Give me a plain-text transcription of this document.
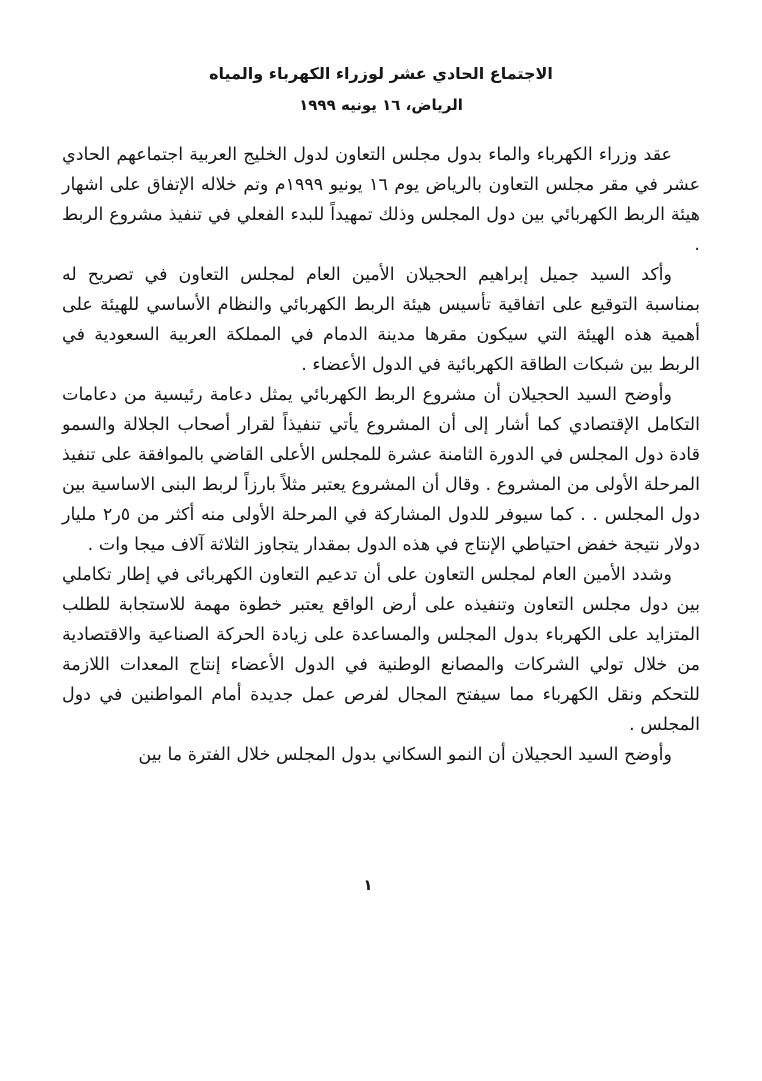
الاجتماع الحادي عشر لوزراء الكهرباء والمياه
الرياض، ١٦ يونيه ١٩٩٩

عقد وزراء الكهرباء والماء بدول مجلس التعاون لدول الخليج العربية اجتماعهم الحادي عشر في مقر مجلس التعاون بالرياض يوم ١٦ يونيو ١٩٩٩م وتم خلاله الإتفاق على اشهار هيئة الربط الكهربائي بين دول المجلس وذلك تمهيداً للبدء الفعلي في تنفيذ مشروع الربط .

وأكد السيد جميل إبراهيم الحجيلان الأمين العام لمجلس التعاون في تصريح له بمناسبة التوقيع على اتفاقية تأسيس هيئة الربط الكهربائي والنظام الأساسي للهيئة على أهمية هذه الهيئة التي سيكون مقرها مدينة الدمام في المملكة العربية السعودية في الربط بين شبكات الطاقة الكهربائية في الدول الأعضاء .

وأوضح السيد الحجيلان أن مشروع الربط الكهربائي يمثل دعامة رئيسية من دعامات التكامل الإقتصادي كما أشار إلى أن المشروع يأتي تنفيذاً لقرار أصحاب الجلالة والسمو قادة دول المجلس في الدورة الثامنة عشرة للمجلس الأعلى القاضي بالموافقة على تنفيذ المرحلة الأولى من المشروع . وقال أن المشروع يعتبر مثلاً بارزاً لربط البنى الاساسية بين دول المجلس . . كما سيوفر للدول المشاركة في المرحلة الأولى منه أكثر من ٥ر٢ مليار دولار نتيجة خفض احتياطي الإنتاج في هذه الدول بمقدار يتجاوز الثلاثة آلاف ميجا وات .

وشدد الأمين العام لمجلس التعاون على أن تدعيم التعاون الكهربائى في إطار تكاملي بين دول مجلس التعاون وتنفيذه على أرض الواقع يعتبر خطوة مهمة للاستجابة للطلب المتزايد على الكهرباء بدول المجلس والمساعدة على زيادة الحركة الصناعية والاقتصادية من خلال تولي الشركات والمصانع الوطنية في الدول الأعضاء إنتاج المعدات اللازمة للتحكم ونقل الكهرباء مما سيفتح المجال لفرص عمل جديدة أمام المواطنين في دول المجلس .

وأوضح السيد الحجيلان أن النمو السكاني بدول المجلس خلال الفترة ما بين

١
